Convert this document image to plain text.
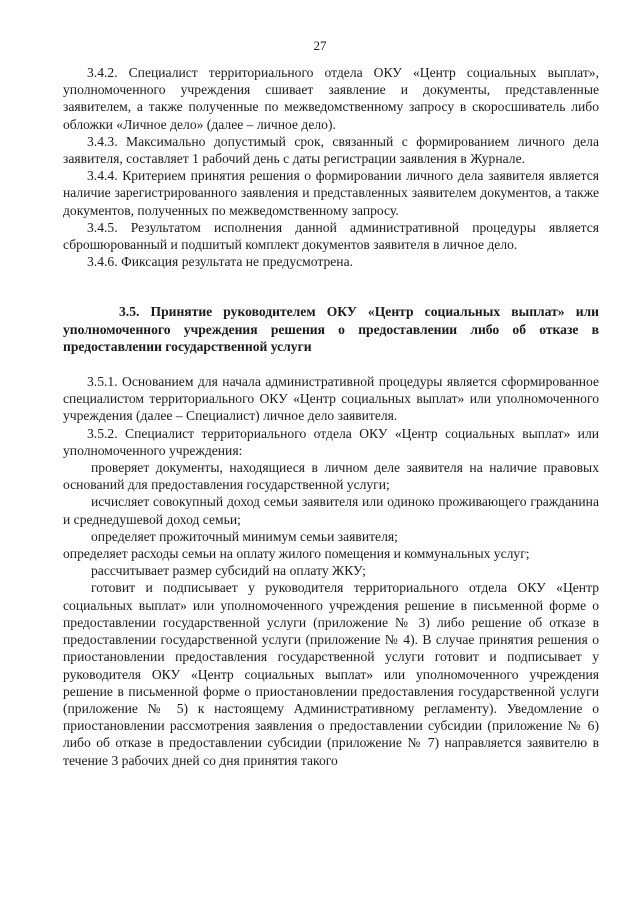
27

3.4.2. Специалист территориального отдела ОКУ «Центр социальных выплат», уполномоченного учреждения сшивает заявление и документы, представленные заявителем, а также полученные по межведомственному запросу в скоросшиватель либо обложки «Личное дело» (далее – личное дело).

3.4.3. Максимально допустимый срок, связанный с формированием личного дела заявителя, составляет 1 рабочий день с даты регистрации заявления в Журнале.

3.4.4. Критерием принятия решения о формировании личного дела заявителя является наличие зарегистрированного заявления и представленных заявителем документов, а также документов, полученных по межведомственному запросу.

3.4.5. Результатом исполнения данной административной процедуры является сброшюрованный и подшитый комплект документов заявителя в личное дело.

3.4.6. Фиксация результата не предусмотрена.

3.5. Принятие руководителем ОКУ «Центр социальных выплат» или уполномоченного учреждения решения о предоставлении либо об отказе в предоставлении государственной услуги

3.5.1. Основанием для начала административной процедуры является сформированное специалистом территориального ОКУ «Центр социальных выплат» или уполномоченного учреждения (далее – Специалист) личное дело заявителя.

3.5.2. Специалист территориального отдела ОКУ «Центр социальных выплат» или уполномоченного учреждения:

проверяет документы, находящиеся в личном деле заявителя на наличие правовых оснований для предоставления государственной услуги;

исчисляет совокупный доход семьи заявителя или одиноко проживающего гражданина и среднедушевой доход семьи;

определяет прожиточный минимум семьи заявителя;

определяет расходы семьи на оплату жилого помещения и коммунальных услуг;

рассчитывает размер субсидий на оплату ЖКУ;

готовит и подписывает у руководителя территориального отдела ОКУ «Центр социальных выплат» или уполномоченного учреждения решение в письменной форме о предоставлении государственной услуги (приложение № 3) либо решение об отказе в предоставлении государственной услуги (приложение № 4). В случае принятия решения о приостановлении предоставления государственной услуги готовит и подписывает у руководителя ОКУ «Центр социальных выплат» или уполномоченного учреждения решение в письменной форме о приостановлении предоставления государственной услуги (приложение № 5) к настоящему Административному регламенту). Уведомление о приостановлении рассмотрения заявления о предоставлении субсидии (приложение № 6) либо об отказе в предоставлении субсидии (приложение № 7) направляется заявителю в течение 3 рабочих дней со дня принятия такого
